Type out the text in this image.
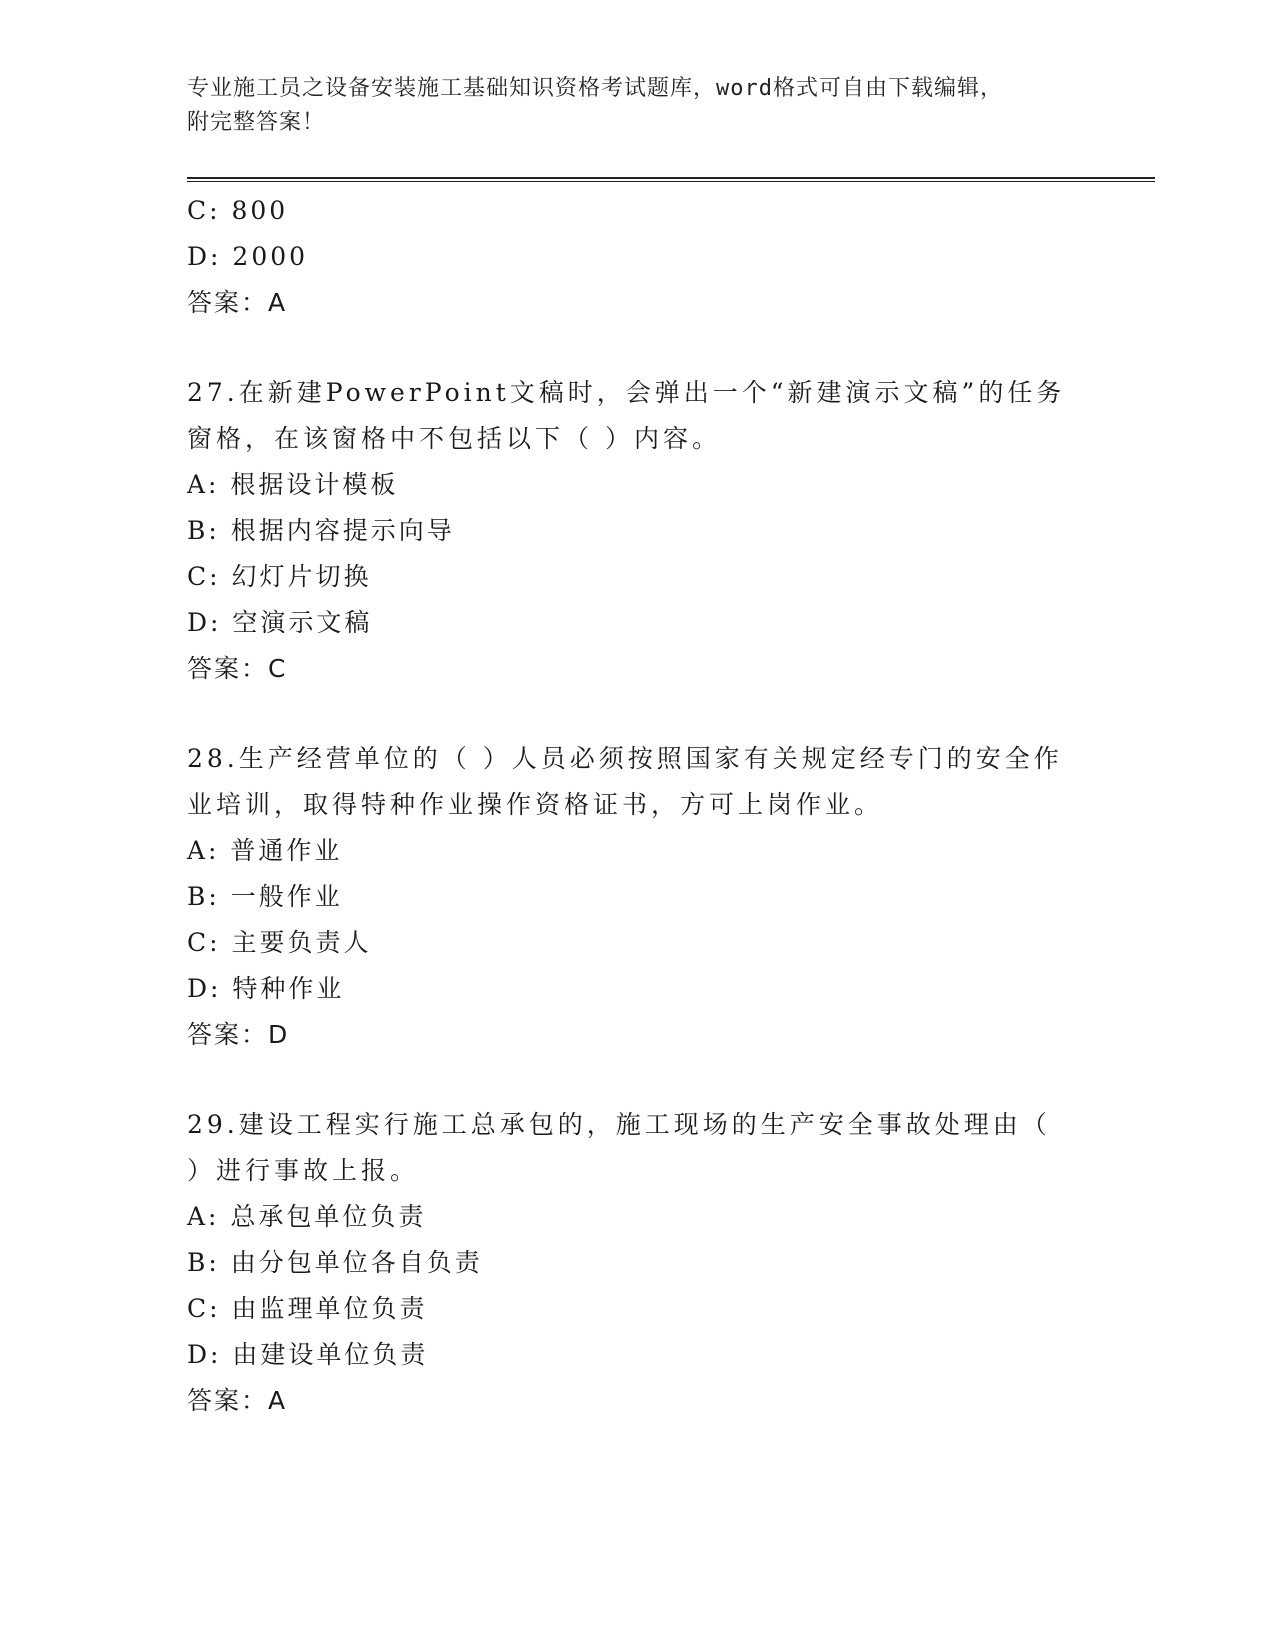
专业施工员之设备安装施工基础知识资格考试题库，word格式可自由下载编辑，
附完整答案！
C: 800
D: 2000
答案：A
27.在新建PowerPoint文稿时，会弹出一个“新建演示文稿”的任务
窗格，在该窗格中不包括以下（ ）内容。
A: 根据设计模板
B: 根据内容提示向导
C: 幻灯片切换
D: 空演示文稿
答案：C
28.生产经营单位的（ ）人员必须按照国家有关规定经专门的安全作
业培训，取得特种作业操作资格证书，方可上岗作业。
A: 普通作业
B: 一般作业
C: 主要负责人
D: 特种作业
答案：D
29.建设工程实行施工总承包的，施工现场的生产安全事故处理由（
）进行事故上报。
A: 总承包单位负责
B: 由分包单位各自负责
C: 由监理单位负责
D: 由建设单位负责
答案：A
